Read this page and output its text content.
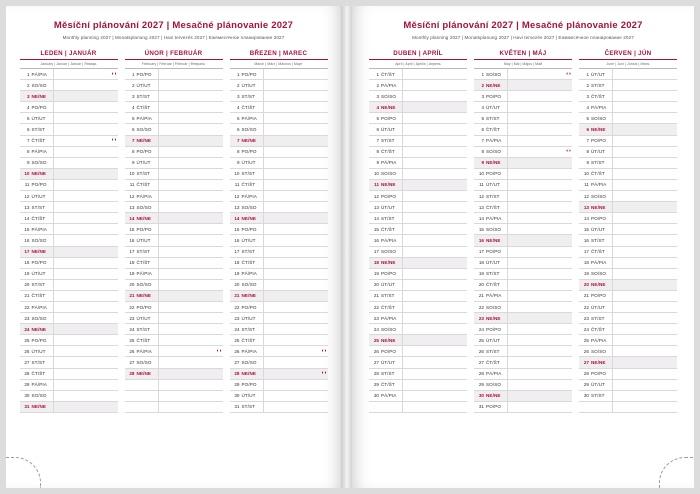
Měsíční plánování 2027 | Mesačné plánovanie 2027
Monthly planning 2027 | Monatsplanung 2027 | Havi tervezés 2027 | Ежемесячное планирование 2027
LEDEN | JANUÁR
January | Januar | Január | Январь
1	PÁ/PIA	◐◑

2	SO/SO	
3	NE/NE	
4	PO/PO	
5	ÚT/UT	
6	ST/ST	
7	ČT/ŠT	◐◑

8	PÁ/PIA	
9	SO/SO	
10	NE/NE	
11	PO/PO	
12	ÚT/UT	
13	ST/ST	
14	ČT/ŠT	
15	PÁ/PIA	
16	SO/SO	
17	NE/NE	
18	PO/PO	
19	ÚT/UT	
20	ST/ST	
21	ČT/ŠT	
22	PÁ/PIA	
23	SO/SO	
24	NE/NE	
25	PO/PO	
26	ÚT/UT	
27	ST/ST	
28	ČT/ŠT	
29	PÁ/PIA	
30	SO/SO	
31	NE/NE	
ÚNOR | FEBRUÁR
February | Februar | Február | Февраль
1	PO/PO	
2	ÚT/UT	
3	ST/ST	
4	ČT/ŠT	
5	PÁ/PIA	
6	SO/SO	
7	NE/NE	
8	PO/PO	
9	ÚT/UT	
10	ST/ST	
11	ČT/ŠT	
12	PÁ/PIA	
13	SO/SO	
14	NE/NE	
15	PO/PO	
16	ÚT/UT	
17	ST/ST	
18	ČT/ŠT	
19	PÁ/PIA	
20	SO/SO	
21	NE/NE	
22	PO/PO	
23	ÚT/UT	
24	ST/ST	
25	ČT/ŠT	
26	PÁ/PIA	◐◑

27	SO/SO	
28	NE/NE	

BŘEZEN | MAREC
March | März | Március | Март
1	PO/PO	
2	ÚT/UT	
3	ST/ST	
4	ČT/ŠT	
5	PÁ/PIA	
6	SO/SO	
7	NE/NE	
8	PO/PO	
9	ÚT/UT	
10	ST/ST	
11	ČT/ŠT	
12	PÁ/PIA	
13	SO/SO	
14	NE/NE	
15	PO/PO	
16	ÚT/UT	
17	ST/ST	
18	ČT/ŠT	
19	PÁ/PIA	
20	SO/SO	
21	NE/NE	
22	PO/PO	
23	ÚT/UT	
24	ST/ST	
25	ČT/ŠT	
26	PÁ/PIA	◐◑

27	SO/SO	
28	NE/NE	◐◑

29	PO/PO	
30	ÚT/UT	
31	ST/ST	
Měsíční plánování 2027 | Mesačné plánovanie 2027
Monthly planning 2027 | Monatsplanung 2027 | Havi tervezés 2027 | Ежемесячное планирование 2027
DUBEN | APRÍL
April | April | Április | Апрель
1	ČT/ŠT	
2	PÁ/PIA	
3	SO/SO	
4	NE/NE	
5	PO/PO	
6	ÚT/UT	
7	ST/ST	
8	ČT/ŠT	
9	PÁ/PIA	
10	SO/SO	
11	NE/NE	
12	PO/PO	
13	ÚT/UT	
14	ST/ST	
15	ČT/ŠT	
16	PÁ/PIA	
17	SO/SO	
18	NE/NE	
19	PO/PO	
20	ÚT/UT	
21	ST/ST	
22	ČT/ŠT	
23	PÁ/PIA	
24	SO/SO	
25	NE/NE	
26	PO/PO	
27	ÚT/UT	
28	ST/ST	
29	ČT/ŠT	
30	PÁ/PIA	

KVĚTEN | MÁJ
May | Mai | Május | Май
1	SO/SO	◐◑

2	NE/NE	
3	PO/PO	
4	ÚT/UT	
5	ST/ST	
6	ČT/ŠT	
7	PÁ/PIA	
8	SO/SO	◐◑

9	NE/NE	
10	PO/PO	
11	ÚT/UT	
12	ST/ST	
13	ČT/ŠT	
14	PÁ/PIA	
15	SO/SO	
16	NE/NE	
17	PO/PO	
18	ÚT/UT	
19	ST/ST	
20	ČT/ŠT	
21	PÁ/PIA	
22	SO/SO	
23	NE/NE	
24	PO/PO	
25	ÚT/UT	
26	ST/ST	
27	ČT/ŠT	
28	PÁ/PIA	
29	SO/SO	
30	NE/NE	
31	PO/PO	
ČERVEN | JÚN
June | Juni | Június | Июнь
1	ÚT/UT	
2	ST/ST	
3	ČT/ŠT	
4	PÁ/PIA	
5	SO/SO	
6	NE/NE	
7	PO/PO	
8	ÚT/UT	
9	ST/ST	
10	ČT/ŠT	
11	PÁ/PIA	
12	SO/SO	
13	NE/NE	
14	PO/PO	
15	ÚT/UT	
16	ST/ST	
17	ČT/ŠT	
18	PÁ/PIA	
19	SO/SO	
20	NE/NE	
21	PO/PO	
22	ÚT/UT	
23	ST/ST	
24	ČT/ŠT	
25	PÁ/PIA	
26	SO/SO	
27	NE/NE	
28	PO/PO	
29	ÚT/UT	
30	ST/ST	
